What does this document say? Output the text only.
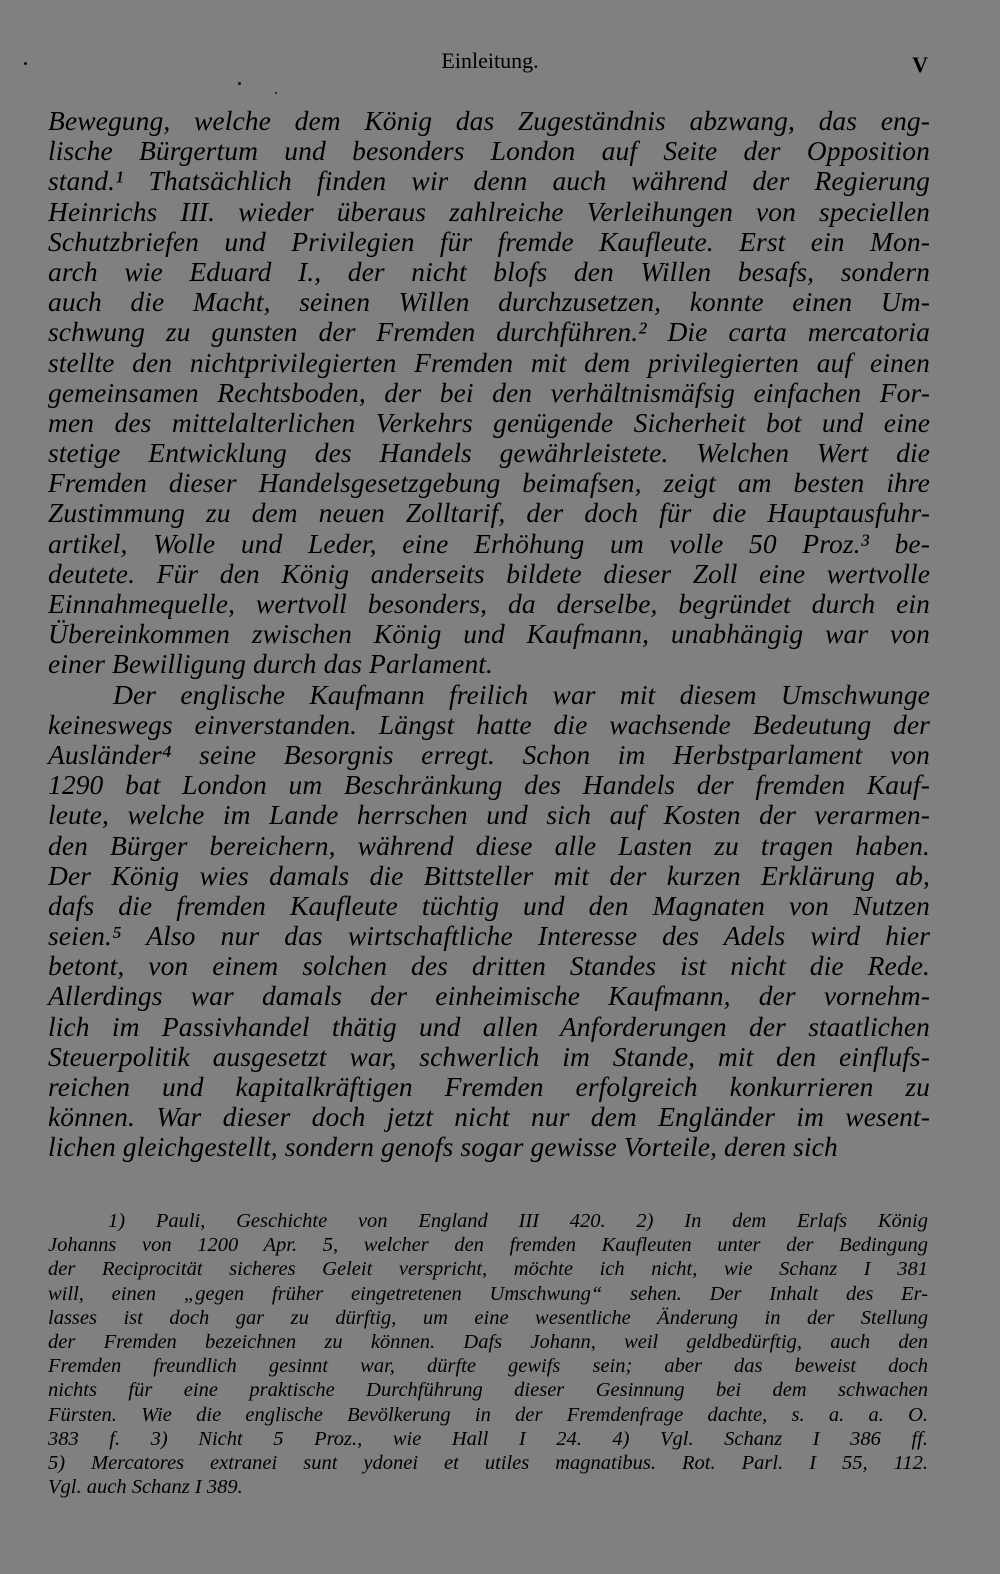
Einleitung.	V
Bewegung, welche dem König das Zugeständnis abzwang, das eng-
lische Bürgertum und besonders London auf Seite der Opposition
stand.¹ Thatsächlich finden wir denn auch während der Regierung
Heinrichs III. wieder überaus zahlreiche Verleihungen von speciellen
Schutzbriefen und Privilegien für fremde Kaufleute. Erst ein Mon-
arch wie Eduard I., der nicht blofs den Willen besafs, sondern
auch die Macht, seinen Willen durchzusetzen, konnte einen Um-
schwung zu gunsten der Fremden durchführen.² Die carta mercatoria
stellte den nichtprivilegierten Fremden mit dem privilegierten auf einen
gemeinsamen Rechtsboden, der bei den verhältnismäfsig einfachen For-
men des mittelalterlichen Verkehrs genügende Sicherheit bot und eine
stetige Entwicklung des Handels gewährleistete. Welchen Wert die
Fremden dieser Handelsgesetzgebung beimafsen, zeigt am besten ihre
Zustimmung zu dem neuen Zolltarif, der doch für die Hauptausfuhr-
artikel, Wolle und Leder, eine Erhöhung um volle 50 Proz.³ be-
deutete. Für den König anderseits bildete dieser Zoll eine wertvolle
Einnahmequelle, wertvoll besonders, da derselbe, begründet durch ein
Übereinkommen zwischen König und Kaufmann, unabhängig war von
einer Bewilligung durch das Parlament.
Der englische Kaufmann freilich war mit diesem Umschwunge
keineswegs einverstanden. Längst hatte die wachsende Bedeutung der
Ausländer⁴ seine Besorgnis erregt. Schon im Herbstparlament von
1290 bat London um Beschränkung des Handels der fremden Kauf-
leute, welche im Lande herrschen und sich auf Kosten der verarmen-
den Bürger bereichern, während diese alle Lasten zu tragen haben.
Der König wies damals die Bittsteller mit der kurzen Erklärung ab,
dafs die fremden Kaufleute tüchtig und den Magnaten von Nutzen
seien.⁵ Also nur das wirtschaftliche Interesse des Adels wird hier
betont, von einem solchen des dritten Standes ist nicht die Rede.
Allerdings war damals der einheimische Kaufmann, der vornehm-
lich im Passivhandel thätig und allen Anforderungen der staatlichen
Steuerpolitik ausgesetzt war, schwerlich im Stande, mit den einflufs-
reichen und kapitalkräftigen Fremden erfolgreich konkurrieren zu
können. War dieser doch jetzt nicht nur dem Engländer im wesent-
lichen gleichgestellt, sondern genofs sogar gewisse Vorteile, deren sich
1) Pauli, Geschichte von England III 420. 2) In dem Erlafs König
Johanns von 1200 Apr. 5, welcher den fremden Kaufleuten unter der Bedingung
der Reciprocität sicheres Geleit verspricht, möchte ich nicht, wie Schanz I 381
will, einen „gegen früher eingetretenen Umschwung“ sehen. Der Inhalt des Er-
lasses ist doch gar zu dürftig, um eine wesentliche Änderung in der Stellung
der Fremden bezeichnen zu können. Dafs Johann, weil geldbedürftig, auch den
Fremden freundlich gesinnt war, dürfte gewifs sein; aber das beweist doch
nichts für eine praktische Durchführung dieser Gesinnung bei dem schwachen
Fürsten. Wie die englische Bevölkerung in der Fremdenfrage dachte, s. a. a. O.
383 f. 3) Nicht 5 Proz., wie Hall I 24. 4) Vgl. Schanz I 386 ff.
5) Mercatores extranei sunt ydonei et utiles magnatibus. Rot. Parl. I 55, 112.
Vgl. auch Schanz I 389.
